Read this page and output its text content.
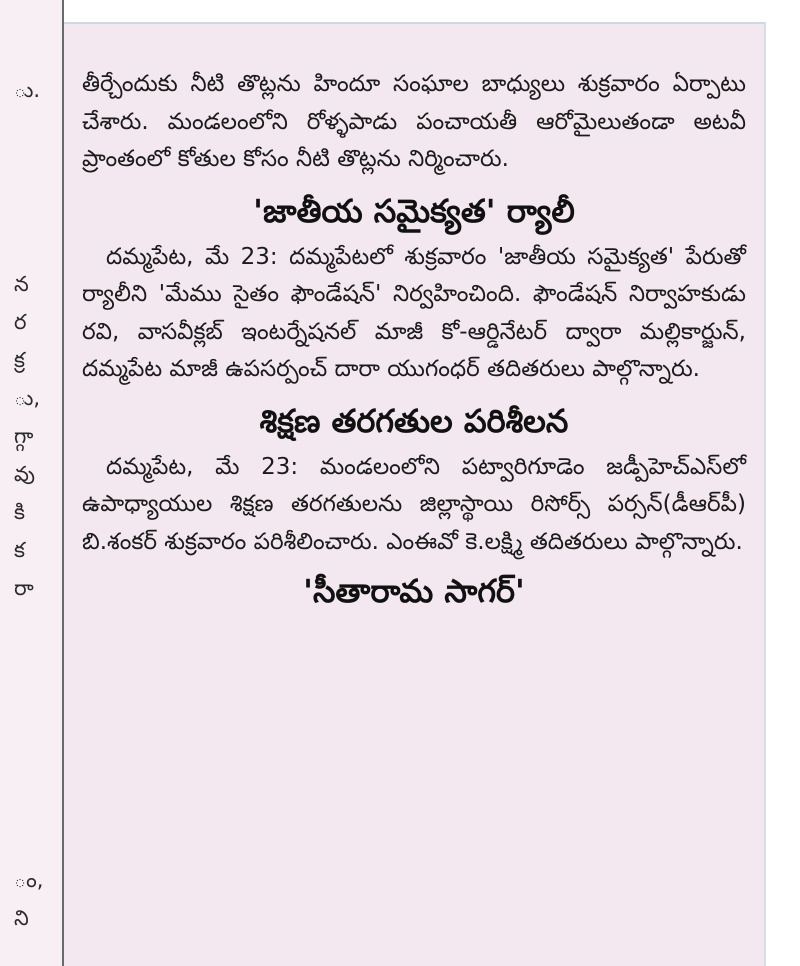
ు.
న
ర
క్ర
ు,
గ్గా
వు
కి
క
రా
ం,
ని

తీర్చేందుకు నీటి తొట్లను హిందూ సంఘాల బాధ్యులు శుక్రవారం ఏర్పాటు చేశారు. మండలంలోని రోళ్ళపాడు పంచాయతీ ఆరోమైలుతండా అటవీ ప్రాంతంలో కోతుల కోసం నీటి తొట్లను నిర్మించారు.

'జాతీయ సమైక్యత' ర్యాలీ

దమ్మపేట, మే 23: దమ్మపేటలో శుక్రవారం 'జాతీయ సమైక్యత' పేరుతో ర్యాలీని 'మేము సైతం ఫౌండేషన్' నిర్వహించింది. ఫౌండేషన్ నిర్వాహకుడు రవి, వాసవీక్లబ్ ఇంటర్నేషనల్ మాజీ కో-ఆర్డినేటర్ ద్వారా మల్లికార్జున్, దమ్మపేట మాజీ ఉపసర్పంచ్ దారా యుగంధర్ తదితరులు పాల్గొన్నారు.

శిక్షణ తరగతుల పరిశీలన

దమ్మపేట, మే 23: మండలంలోని పట్వారిగూడెం జడ్పీహెచ్ఎస్‌లో ఉపాధ్యాయుల శిక్షణ తరగతులను జిల్లాస్థాయి రిసోర్స్ పర్సన్(డీఆర్‌పీ) బి.శంకర్ శుక్రవారం పరిశీలించారు. ఎంఈవో కె.లక్ష్మి తదితరులు పాల్గొన్నారు.

'సీతారామ సాగర్'
